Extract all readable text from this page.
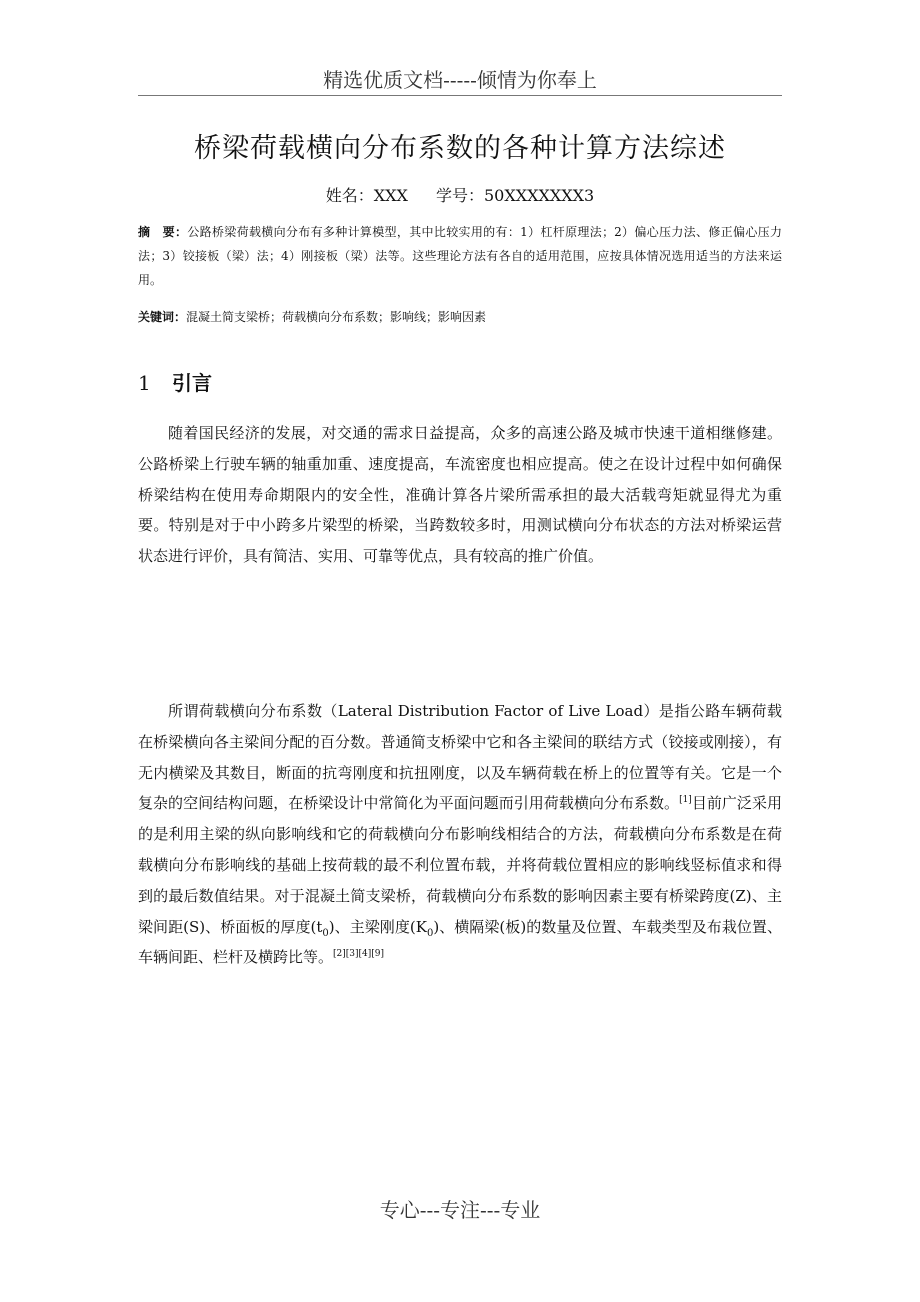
精选优质文档-----倾情为你奉上
桥梁荷载横向分布系数的各种计算方法综述
姓名：XXX 学号：50XXXXXXX3
摘　要：公路桥梁荷载横向分布有多种计算模型，其中比较实用的有：1）杠杆原理法；2）偏心压力法、修正偏心压力法；3）铰接板（梁）法；4）刚接板（梁）法等。这些理论方法有各自的适用范围，应按具体情况选用适当的方法来运用。
关键词：混凝土简支梁桥；荷载横向分布系数；影响线；影响因素
1 引言

随着国民经济的发展，对交通的需求日益提高，众多的高速公路及城市快速干道相继修建。公路桥梁上行驶车辆的轴重加重、速度提高，车流密度也相应提高。使之在设计过程中如何确保桥梁结构在使用寿命期限内的安全性，准确计算各片梁所需承担的最大活载弯矩就显得尤为重要。特别是对于中小跨多片梁型的桥梁，当跨数较多时，用测试横向分布状态的方法对桥梁运营状态进行评价，具有简洁、实用、可靠等优点，具有较高的推广价值。

所谓荷载横向分布系数（Lateral Distribution Factor of Live Load）是指公路车辆荷载在桥梁横向各主梁间分配的百分数。普通简支桥梁中它和各主梁间的联结方式（铰接或刚接），有无内横梁及其数目，断面的抗弯刚度和抗扭刚度，以及车辆荷载在桥上的位置等有关。它是一个复杂的空间结构问题，在桥梁设计中常简化为平面问题而引用荷载横向分布系数。[1]目前广泛采用的是利用主梁的纵向影响线和它的荷载横向分布影响线相结合的方法，荷载横向分布系数是在荷载横向分布影响线的基础上按荷载的最不利位置布载，并将荷载位置相应的影响线竖标值求和得到的最后数值结果。对于混凝土简支梁桥，荷载横向分布系数的影响因素主要有桥梁跨度(Z)、主梁间距(S)、桥面板的厚度$(t_0)$、主梁刚度$(K_0)$、横隔梁(板)的数量及位置、车载类型及布栽位置、车辆间距、栏杆及横跨比等。[2][3][4][9]

专心---专注---专业
